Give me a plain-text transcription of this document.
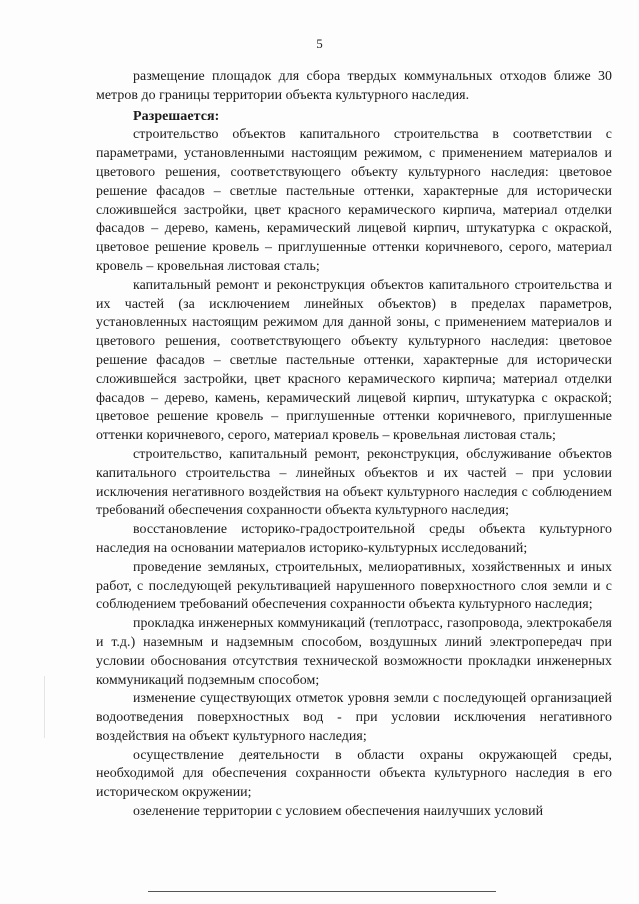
5

размещение площадок для сбора твердых коммунальных отходов ближе 30 метров до границы территории объекта культурного наследия.

Разрешается:

строительство объектов капитального строительства в соответствии с параметрами, установленными настоящим режимом, с применением материалов и цветового решения, соответствующего объекту культурного наследия: цветовое решение фасадов – светлые пастельные оттенки, характерные для исторически сложившейся застройки, цвет красного керамического кирпича, материал отделки фасадов – дерево, камень, керамический лицевой кирпич, штукатурка с окраской, цветовое решение кровель – приглушенные оттенки коричневого, серого, материал кровель – кровельная листовая сталь;

капитальный ремонт и реконструкция объектов капитального строительства и их частей (за исключением линейных объектов) в пределах параметров, установленных настоящим режимом для данной зоны, с применением материалов и цветового решения, соответствующего объекту культурного наследия: цветовое решение фасадов – светлые пастельные оттенки, характерные для исторически сложившейся застройки, цвет красного керамического кирпича; материал отделки фасадов – дерево, камень, керамический лицевой кирпич, штукатурка с окраской; цветовое решение кровель – приглушенные оттенки коричневого, приглушенные оттенки коричневого, серого, материал кровель – кровельная листовая сталь;

строительство, капитальный ремонт, реконструкция, обслуживание объектов капитального строительства – линейных объектов и их частей – при условии исключения негативного воздействия на объект культурного наследия с соблюдением требований обеспечения сохранности объекта культурного наследия;

восстановление историко-градостроительной среды объекта культурного наследия на основании материалов историко-культурных исследований;

проведение земляных, строительных, мелиоративных, хозяйственных и иных работ, с последующей рекультивацией нарушенного поверхностного слоя земли и с соблюдением требований обеспечения сохранности объекта культурного наследия;

прокладка инженерных коммуникаций (теплотрасс, газопровода, электрокабеля и т.д.) наземным и надземным способом, воздушных линий электропередач при условии обоснования отсутствия технической возможности прокладки инженерных коммуникаций подземным способом;

изменение существующих отметок уровня земли с последующей организацией водоотведения поверхностных вод - при условии исключения негативного воздействия на объект культурного наследия;

осуществление деятельности в области охраны окружающей среды, необходимой для обеспечения сохранности объекта культурного наследия в его историческом окружении;

озеленение территории с условием обеспечения наилучших условий
